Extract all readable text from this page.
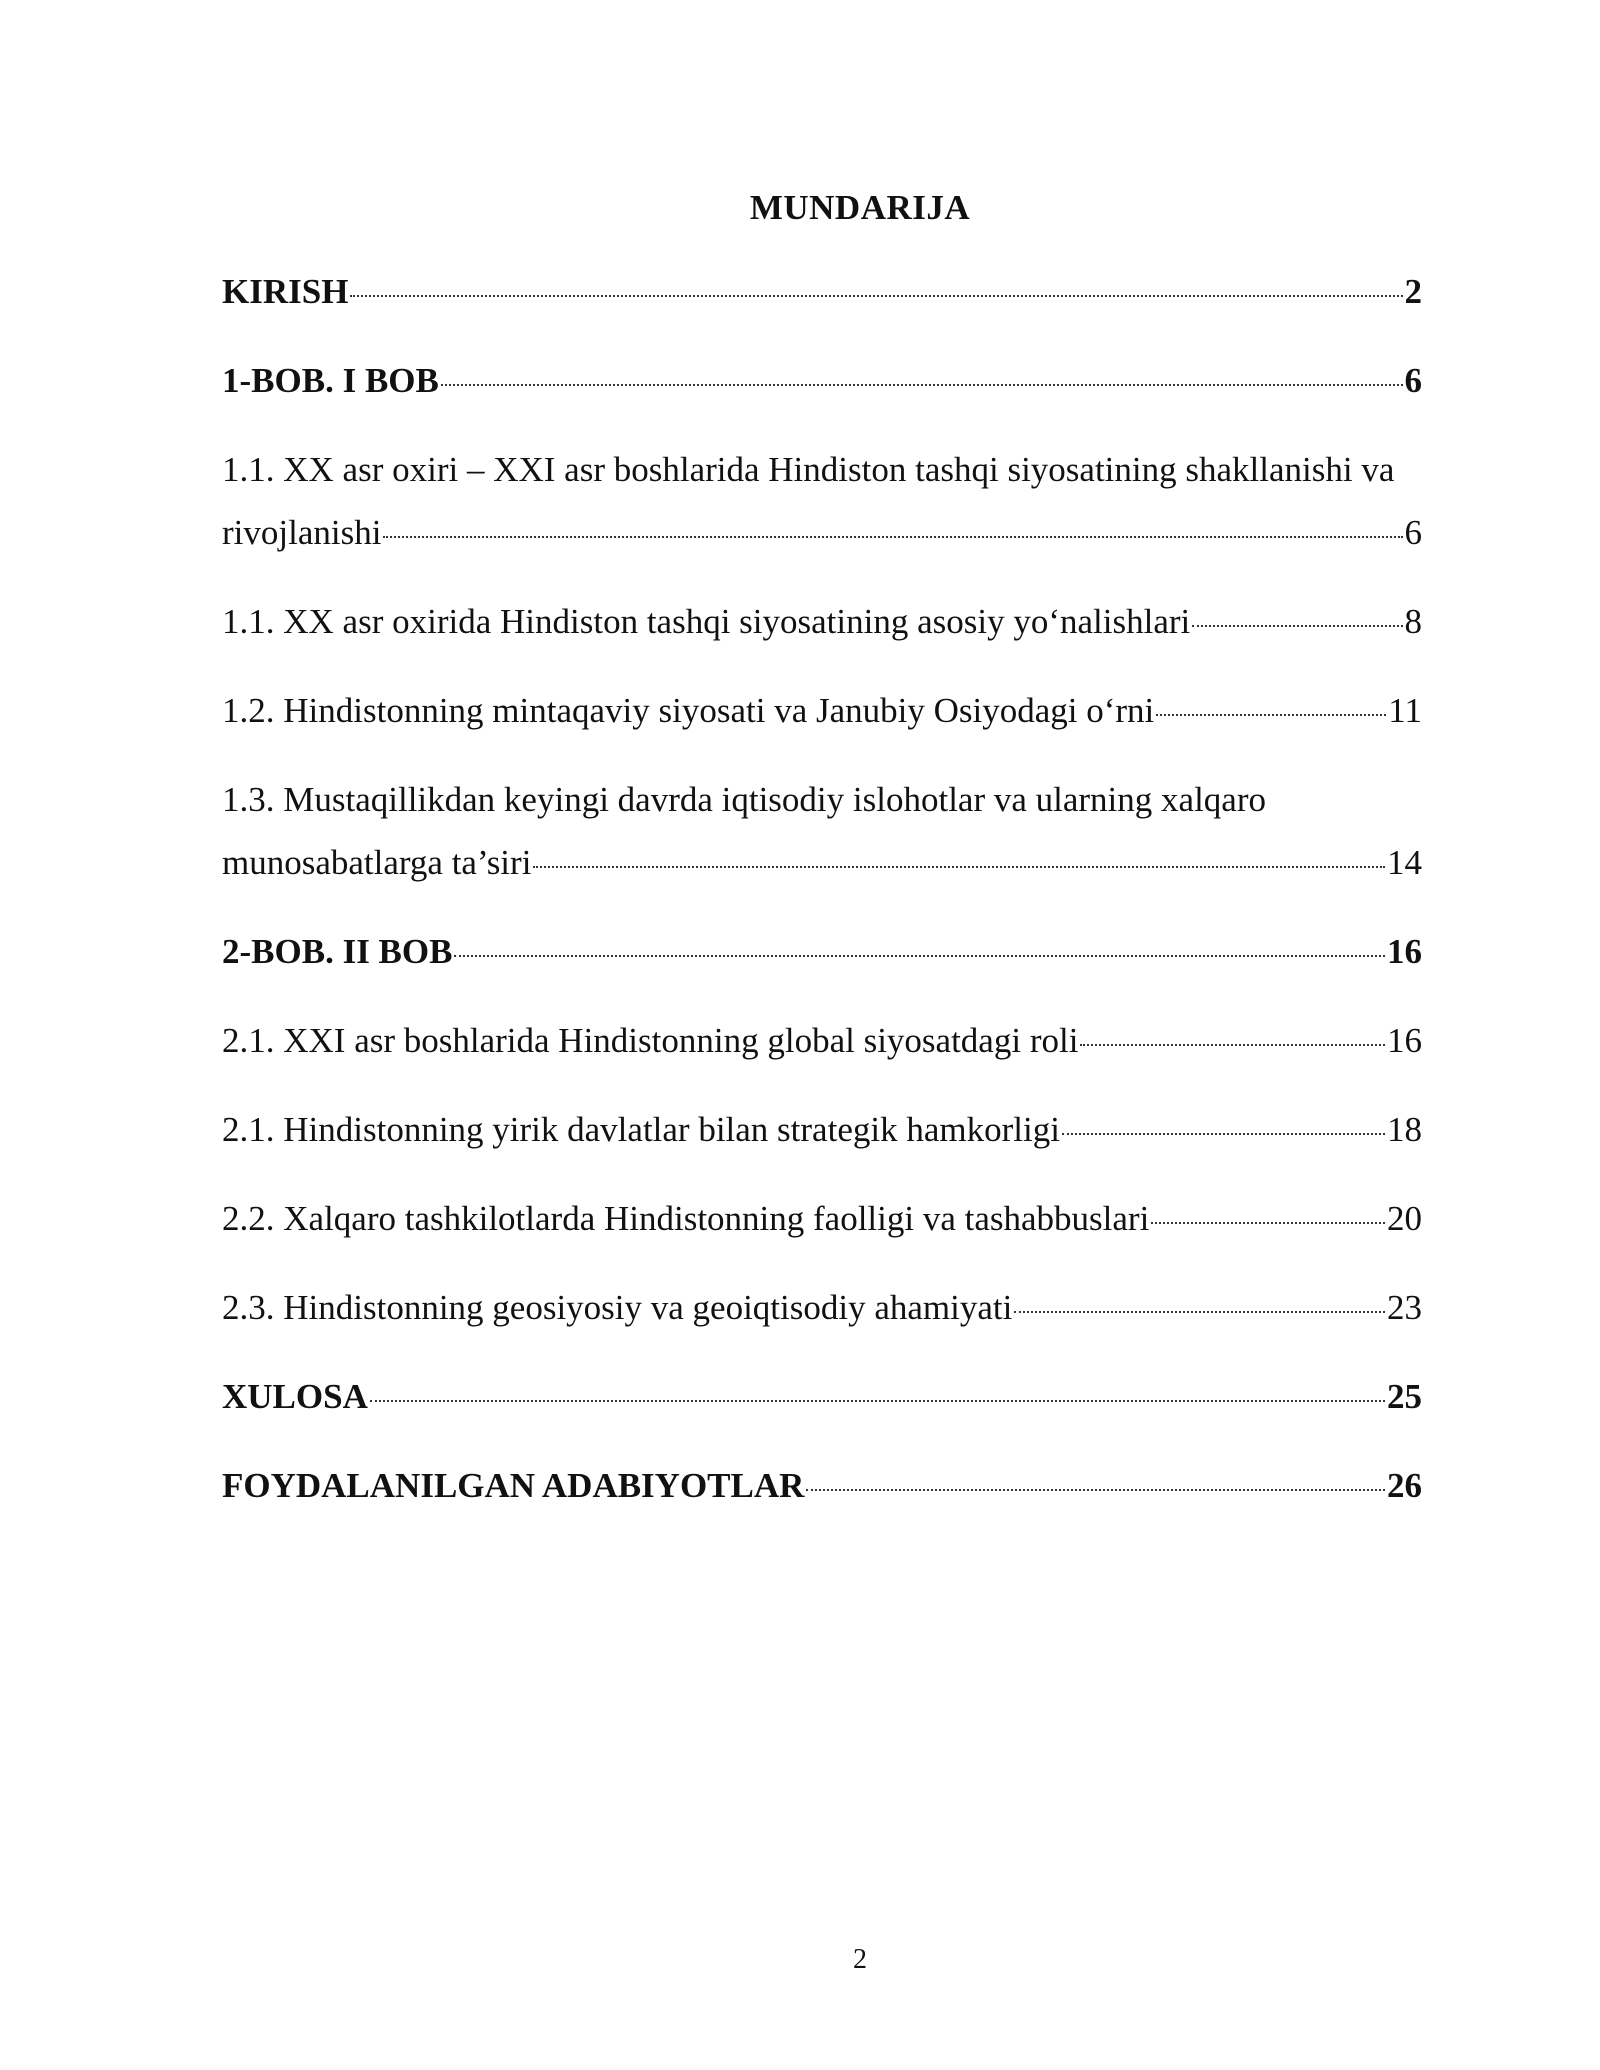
MUNDARIJA
KIRISH	2
1-BOB. I BOB	6
1.1. XX asr oxiri – XXI asr boshlarida Hindiston tashqi siyosatining shakllanishi va
rivojlanishi	6
1.1. XX asr oxirida Hindiston tashqi siyosatining asosiy yo‘nalishlari	8
1.2. Hindistonning mintaqaviy siyosati va Janubiy Osiyodagi o‘rni	11
1.3. Mustaqillikdan keyingi davrda iqtisodiy islohotlar va ularning xalqaro
munosabatlarga ta’siri	14
2-BOB. II BOB	16
2.1. XXI asr boshlarida Hindistonning global siyosatdagi roli	16
2.1. Hindistonning yirik davlatlar bilan strategik hamkorligi	18
2.2. Xalqaro tashkilotlarda Hindistonning faolligi va tashabbuslari	20
2.3. Hindistonning geosiyosiy va geoiqtisodiy ahamiyati	23
XULOSA	25
FOYDALANILGAN ADABIYOTLAR	26
2
